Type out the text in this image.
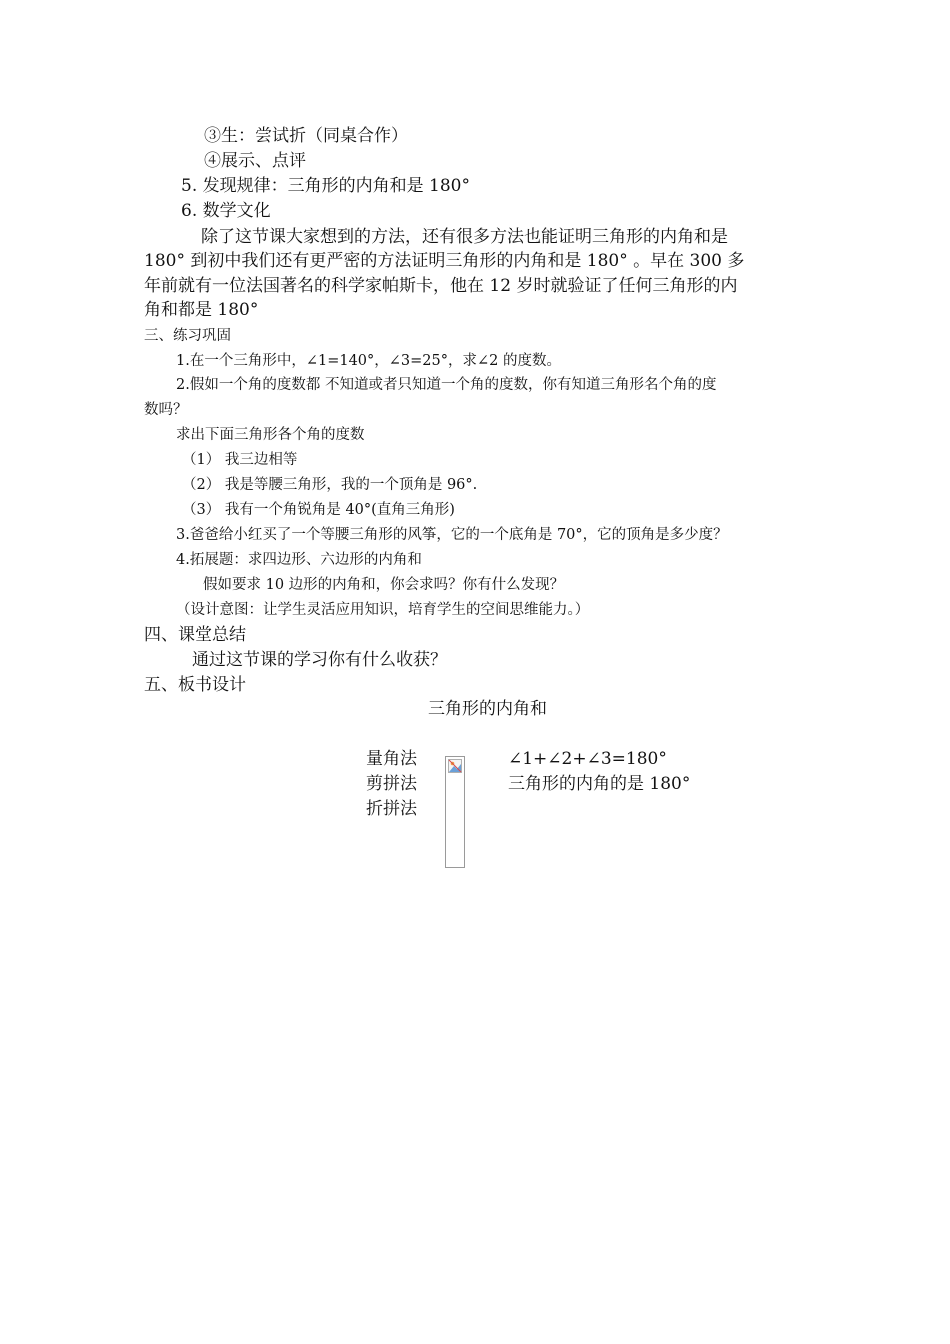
③生：尝试折（同桌合作）
④展示、点评
5. 发现规律：三角形的内角和是 180°
6. 数学文化
除了这节课大家想到的方法，还有很多方法也能证明三角形的内角和是
180° 到初中我们还有更严密的方法证明三角形的内角和是 180° 。早在 300 多
年前就有一位法国著名的科学家帕斯卡，他在 12 岁时就验证了任何三角形的内
角和都是 180°
三、练习巩固
1.在一个三角形中，∠1=140°，∠3=25°，求∠2 的度数。
2.假如一个角的度数都 不知道或者只知道一个角的度数，你有知道三角形名个角的度
数吗？
求出下面三角形各个角的度数
（1） 我三边相等
（2） 我是等腰三角形，我的一个顶角是 96°.
（3） 我有一个角锐角是 40°(直角三角形)
3.爸爸给小红买了一个等腰三角形的风筝，它的一个底角是 70°，它的顶角是多少度？
4.拓展题：求四边形、六边形的内角和
假如要求 10 边形的内角和，你会求吗？你有什么发现？
（设计意图：让学生灵活应用知识，培育学生的空间思维能力。）
四、课堂总结
通过这节课的学习你有什么收获？
五、板书设计
三角形的内角和
量角法
剪拼法
折拼法
∠1+∠2+∠3=180°
三角形的内角的是 180°
